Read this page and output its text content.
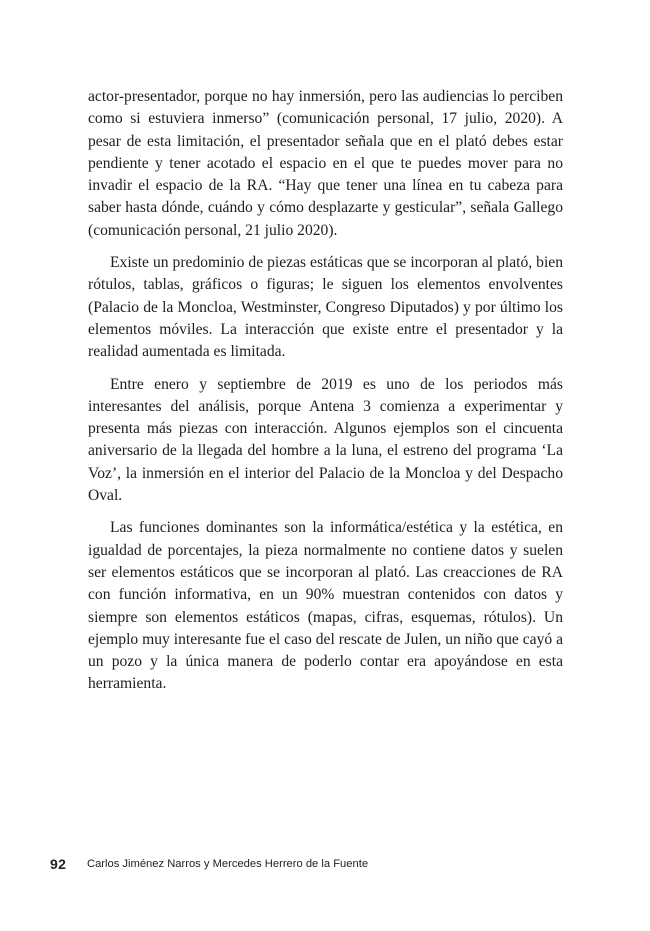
actor-presentador, porque no hay inmersión, pero las audiencias lo perciben como si estuviera inmerso” (comunicación personal, 17 julio, 2020). A pesar de esta limitación, el presentador señala que en el plató debes estar pendiente y tener acotado el espacio en el que te puedes mover para no invadir el espacio de la RA. “Hay que tener una línea en tu cabeza para saber hasta dónde, cuándo y cómo desplazarte y gesticular”, señala Gallego (comunicación personal, 21 julio 2020).

Existe un predominio de piezas estáticas que se incorporan al plató, bien rótulos, tablas, gráficos o figuras; le siguen los elementos envolventes (Palacio de la Moncloa, Westminster, Congreso Diputados) y por último los elementos móviles. La interacción que existe entre el presentador y la realidad aumentada es limitada.

Entre enero y septiembre de 2019 es uno de los periodos más interesantes del análisis, porque Antena 3 comienza a experimentar y presenta más piezas con interacción. Algunos ejemplos son el cincuenta aniversario de la llegada del hombre a la luna, el estreno del programa ‘La Voz’, la inmersión en el interior del Palacio de la Moncloa y del Despacho Oval.

Las funciones dominantes son la informática/estética y la estética, en igualdad de porcentajes, la pieza normalmente no contiene datos y suelen ser elementos estáticos que se incorporan al plató. Las creacciones de RA con función informativa, en un 90% muestran contenidos con datos y siempre son elementos estáticos (mapas, cifras, esquemas, rótulos). Un ejemplo muy interesante fue el caso del rescate de Julen, un niño que cayó a un pozo y la única manera de poderlo contar era apoyándose en esta herramienta.

92 Carlos Jiménez Narros y Mercedes Herrero de la Fuente
